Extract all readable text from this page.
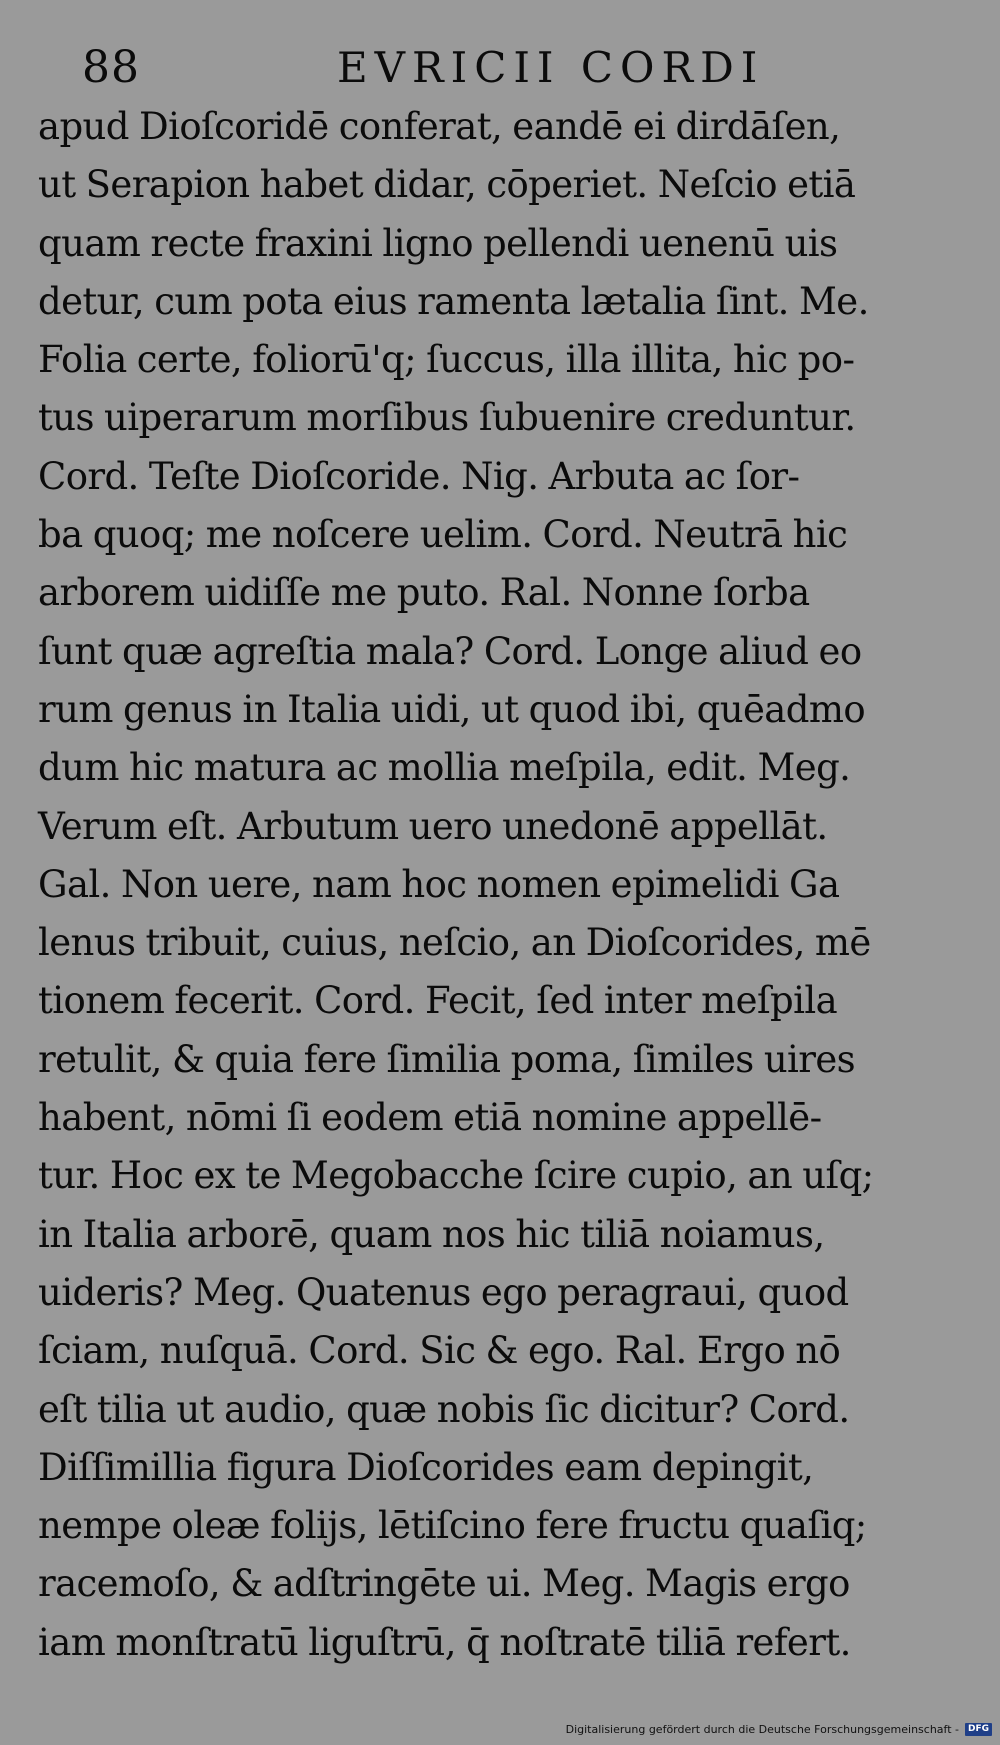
88	EVRICII CORDI
apud Dioſcoridē conferat, eandē ei dirdāſen,
ut Serapion habet didar, cōperiet. Neſcio etiā
quam recte fraxini ligno pellendi uenenū uis
detur, cum pota eius ramenta lætalia ſint. Me.
Folia certe, foliorū'q; ſuccus, illa illita, hic po-
tus uiperarum morſibus ſubuenire creduntur.
Cord. Teſte Dioſcoride. Nig. Arbuta ac ſor-
ba quoq; me noſcere uelim. Cord. Neutrā hic
arborem uidiſſe me puto. Ral. Nonne ſorba
ſunt quæ agreſtia mala? Cord. Longe aliud eo
rum genus in Italia uidi, ut quod ibi, quēadmo
dum hic matura ac mollia meſpila, edit. Meg.
Verum eſt. Arbutum uero unedonē appellāt.
Gal. Non uere, nam hoc nomen epimelidi Ga
lenus tribuit, cuius, neſcio, an Dioſcorides, mē
tionem fecerit. Cord. Fecit, ſed inter meſpila
retulit, & quia fere ſimilia poma, ſimiles uires
habent, nōmi ſi eodem etiā nomine appellē-
tur. Hoc ex te Megobacche ſcire cupio, an uſq;
in Italia arborē, quam nos hic tiliā noiamus,
uideris? Meg. Quatenus ego peragraui, quod
ſciam, nuſquā. Cord. Sic & ego. Ral. Ergo nō
eſt tilia ut audio, quæ nobis ſic dicitur? Cord.
Diſſimillia figura Dioſcorides eam depingit,
nempe oleæ folijs, lētiſcino fere fructu quaſiq;
racemoſo, & adſtringēte ui. Meg. Magis ergo
iam monſtratū liguſtrū, q̄ noſtratē tiliā refert.
Digitalisierung gefördert durch die Deutsche Forschungsgemeinschaft -	DFG
